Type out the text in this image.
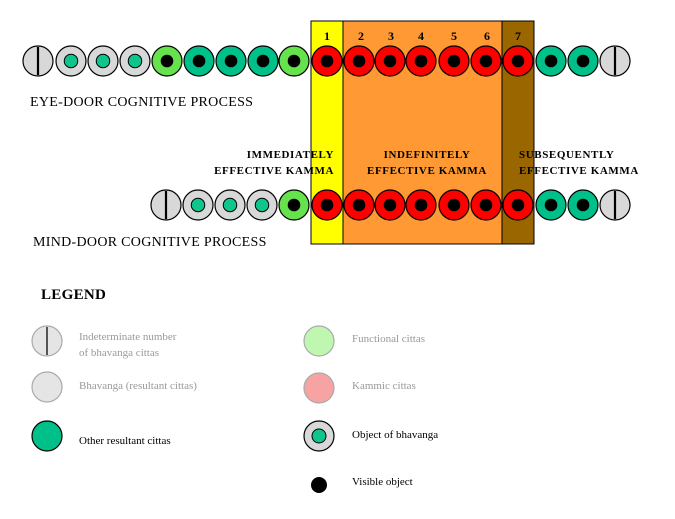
1 2 3 4 5 6 7

EYE-DOOR COGNITIVE PROCESS

MIND-DOOR COGNITIVE PROCESS

IMMEDIATELY
EFFECTIVE KAMMA
INDEFINITELY
EFFECTIVE KAMMA
SUBSEQUENTLY
EFFECTIVE KAMMA

LEGEND

Indeterminate number
of bhavanga cittas

Bhavanga (resultant cittas)

Other resultant cittas

Functional cittas

Kammic cittas

Object of bhavanga

Visible object
